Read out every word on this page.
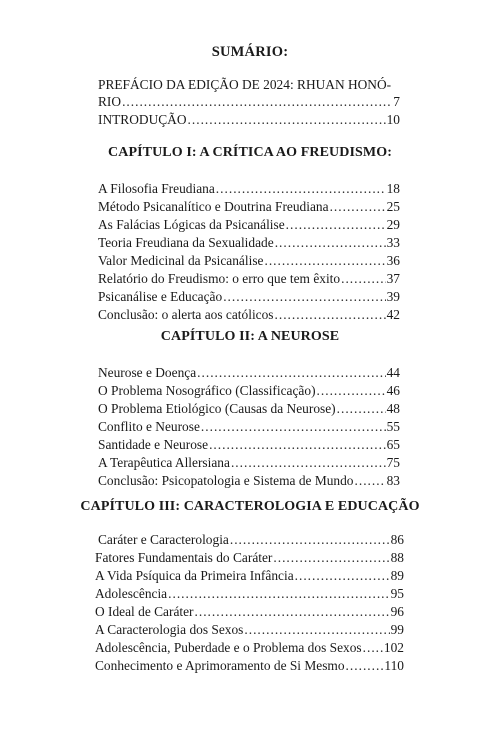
SUMÁRIO:
PREFÁCIO DA EDIÇÃO DE 2024: RHUAN HONÓ-
RIO .....	7
INTRODUÇÃO .....	10
CAPÍTULO I: A CRÍTICA AO FREUDISMO:
A Filosofia Freudiana .....	18
Método Psicanalítico e Doutrina Freudiana .....	25
As Falácias Lógicas da Psicanálise .....	29
Teoria Freudiana da Sexualidade .....	33
Valor Medicinal da Psicanálise .....	36
Relatório do Freudismo: o erro que tem êxito .....	37
Psicanálise e Educação .....	39
Conclusão: o alerta aos católicos .....	42
CAPÍTULO II: A NEUROSE
Neurose e Doença .....	44
O Problema Nosográfico (Classificação) .....	46
O Problema Etiológico (Causas da Neurose) .....	48
Conflito e Neurose .....	55
Santidade e Neurose .....	65
A Terapêutica Allersiana .....	75
Conclusão: Psicopatologia e Sistema de Mundo ..... 83
CAPÍTULO III: CARACTEROLOGIA E EDUCAÇÃO
Caráter e Caracterologia .....	86
Fatores Fundamentais do Caráter .....	88
A Vida Psíquica da Primeira Infância .....	89
Adolescência .....	95
O Ideal de Caráter .....	96
A Caracterologia dos Sexos .....	99
Adolescência, Puberdade e o Problema dos Sexos ..... 102
Conhecimento e Aprimoramento de Si Mesmo .....	110
